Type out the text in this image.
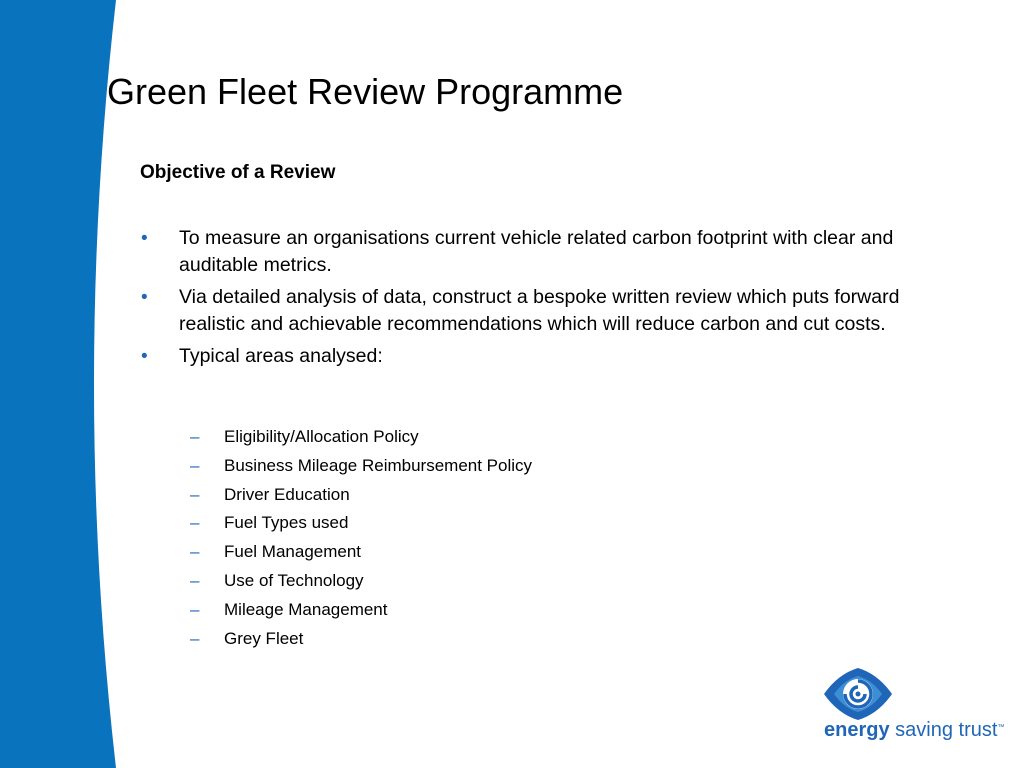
Green Fleet Review Programme
Objective of a Review
• To measure an organisations current vehicle related carbon footprint with clear and auditable metrics.
• Via detailed analysis of data, construct a bespoke written review which puts forward realistic and achievable recommendations which will reduce carbon and cut costs.
• Typical areas analysed:
– Eligibility/Allocation Policy
– Business Mileage Reimbursement Policy
– Driver Education
– Fuel Types used
– Fuel Management
– Use of Technology
– Mileage Management
– Grey Fleet
energy saving trust™
